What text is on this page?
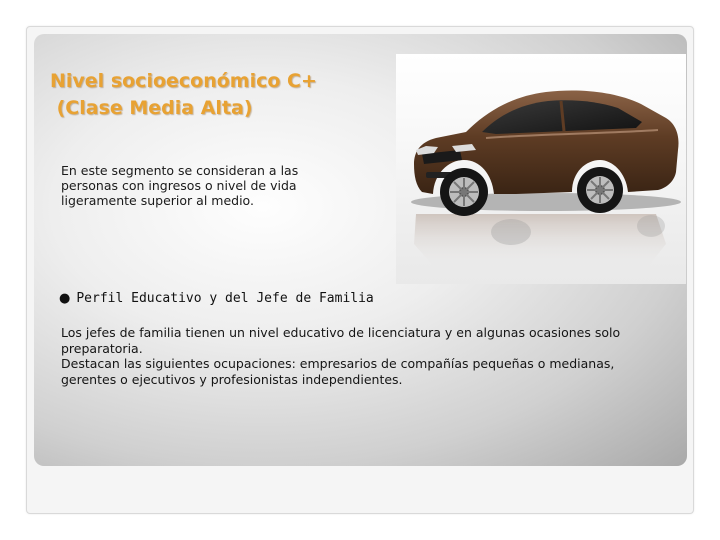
Nivel socioeconómico C+
(Clase Media Alta)

En este segmento se consideran a las personas con ingresos o nivel de vida ligeramente superior al medio.

● Perfil Educativo y del Jefe de Familia

Los jefes de familia tienen un nivel educativo de licenciatura y en algunas ocasiones solo preparatoria.

Destacan las siguientes ocupaciones: empresarios de compañías pequeñas o medianas, gerentes o ejecutivos y profesionistas independientes.
